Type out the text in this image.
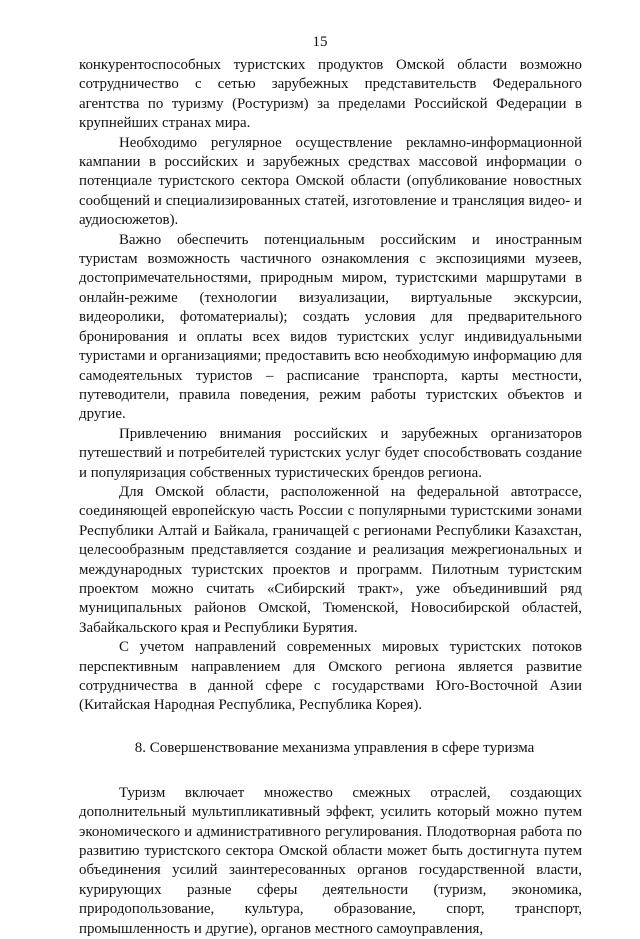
15

конкурентоспособных туристских продуктов Омской области возможно сотрудничество с сетью зарубежных представительств Федерального агентства по туризму (Ростуризм) за пределами Российской Федерации в крупнейших странах мира.

Необходимо регулярное осуществление рекламно-информационной кампании в российских и зарубежных средствах массовой информации о потенциале туристского сектора Омской области (опубликование новостных сообщений и специализированных статей, изготовление и трансляция видео- и аудиосюжетов).

Важно обеспечить потенциальным российским и иностранным туристам возможность частичного ознакомления с экспозициями музеев, достопримечательностями, природным миром, туристскими маршрутами в онлайн-режиме (технологии визуализации, виртуальные экскурсии, видеоролики, фотоматериалы); создать условия для предварительного бронирования и оплаты всех видов туристских услуг индивидуальными туристами и организациями; предоставить всю необходимую информацию для самодеятельных туристов – расписание транспорта, карты местности, путеводители, правила поведения, режим работы туристских объектов и другие.

Привлечению внимания российских и зарубежных организаторов путешествий и потребителей туристских услуг будет способствовать создание и популяризация собственных туристических брендов региона.

Для Омской области, расположенной на федеральной автотрассе, соединяющей европейскую часть России с популярными туристскими зонами Республики Алтай и Байкала, граничащей с регионами Республики Казахстан, целесообразным представляется создание и реализация межрегиональных и международных туристских проектов и программ. Пилотным туристским проектом можно считать «Сибирский тракт», уже объединивший ряд муниципальных районов Омской, Тюменской, Новосибирской областей, Забайкальского края и Республики Бурятия.

С учетом направлений современных мировых туристских потоков перспективным направлением для Омского региона является развитие сотрудничества в данной сфере с государствами Юго-Восточной Азии (Китайская Народная Республика, Республика Корея).

8. Совершенствование механизма управления в сфере туризма

Туризм включает множество смежных отраслей, создающих дополнительный мультипликативный эффект, усилить который можно путем экономического и административного регулирования. Плодотворная работа по развитию туристского сектора Омской области может быть достигнута путем объединения усилий заинтересованных органов государственной власти, курирующих разные сферы деятельности (туризм, экономика, природопользование, культура, образование, спорт, транспорт, промышленность и другие), органов местного самоуправления,
